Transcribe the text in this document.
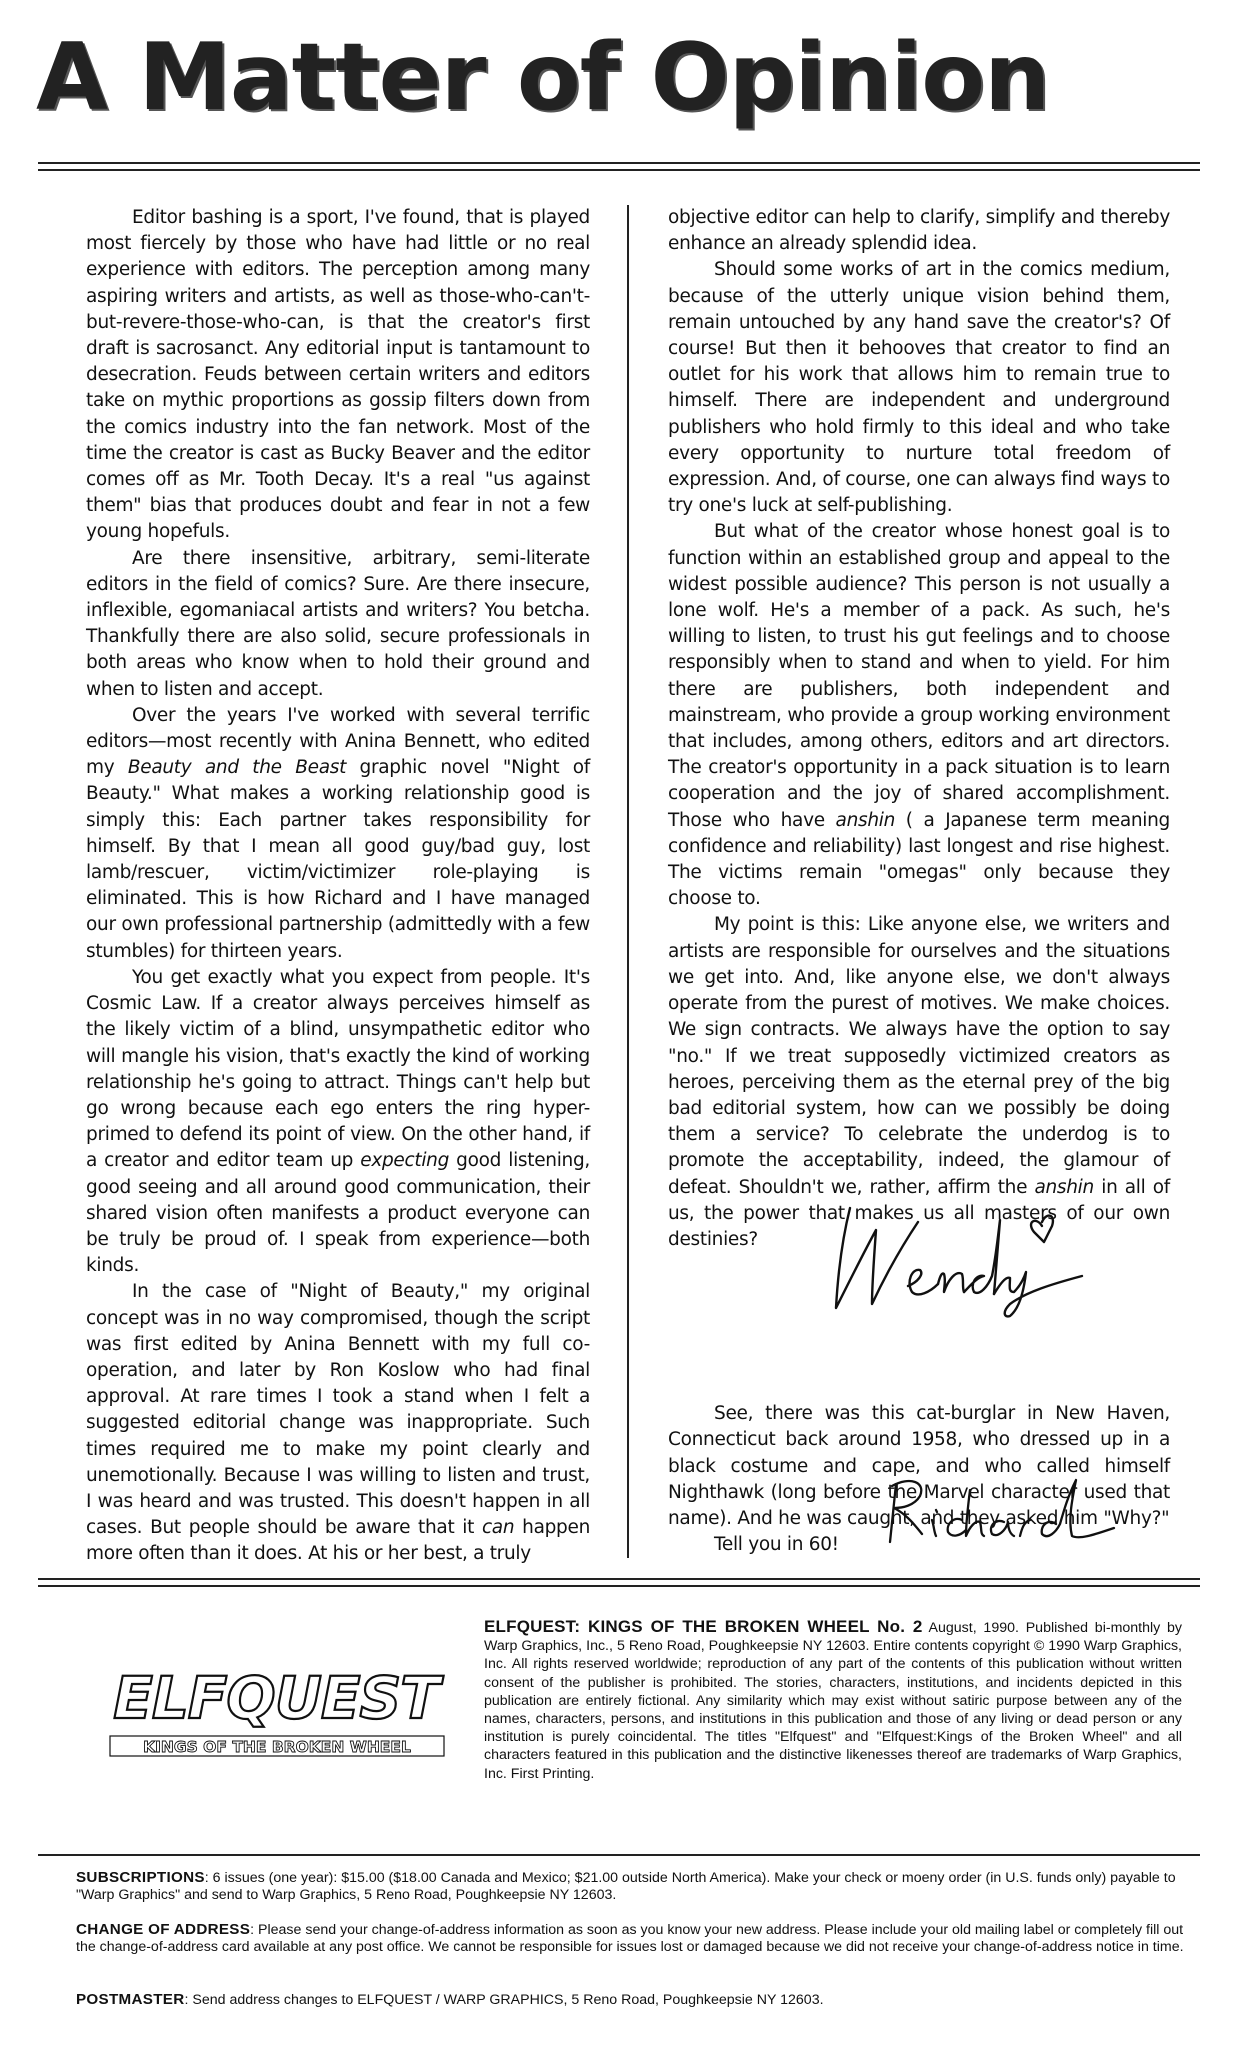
A Matter of Opinion

Editor bashing is a sport, I've found, that is played most fiercely by those who have had little or no real experience with editors. The perception among many aspiring writers and artists, as well as those-who-can't-but-revere-those-who-can, is that the creator's first draft is sacrosanct. Any editorial input is tantamount to desecration. Feuds between certain writers and editors take on mythic proportions as gossip filters down from the comics industry into the fan network. Most of the time the creator is cast as Bucky Beaver and the editor comes off as Mr. Tooth Decay. It's a real "us against them" bias that produces doubt and fear in not a few young hopefuls.

Are there insensitive, arbitrary, semi-literate editors in the field of comics? Sure. Are there insecure, inflexible, egomaniacal artists and writers? You betcha. Thankfully there are also solid, secure professionals in both areas who know when to hold their ground and when to listen and accept.

Over the years I've worked with several terrific editors—most recently with Anina Bennett, who edited my Beauty and the Beast graphic novel "Night of Beauty." What makes a working relationship good is simply this: Each partner takes responsibility for himself. By that I mean all good guy/bad guy, lost lamb/rescuer, victim/victimizer role-playing is eliminated. This is how Richard and I have managed our own professional partnership (admittedly with a few stumbles) for thirteen years.

You get exactly what you expect from people. It's Cosmic Law. If a creator always perceives himself as the likely victim of a blind, unsympathetic editor who will mangle his vision, that's exactly the kind of working relationship he's going to attract. Things can't help but go wrong because each ego enters the ring hyper-primed to defend its point of view. On the other hand, if a creator and editor team up expecting good listening, good seeing and all around good communication, their shared vision often manifests a product everyone can be truly be proud of. I speak from experience—both kinds.

In the case of "Night of Beauty," my original concept was in no way compromised, though the script was first edited by Anina Bennett with my full co-operation, and later by Ron Koslow who had final approval. At rare times I took a stand when I felt a suggested editorial change was inappropriate. Such times required me to make my point clearly and unemotionally. Because I was willing to listen and trust, I was heard and was trusted. This doesn't happen in all cases. But people should be aware that it can happen more often than it does. At his or her best, a truly

objective editor can help to clarify, simplify and thereby enhance an already splendid idea.

Should some works of art in the comics medium, because of the utterly unique vision behind them, remain untouched by any hand save the creator's? Of course! But then it behooves that creator to find an outlet for his work that allows him to remain true to himself. There are independent and underground publishers who hold firmly to this ideal and who take every opportunity to nurture total freedom of expression. And, of course, one can always find ways to try one's luck at self-publishing.

But what of the creator whose honest goal is to function within an established group and appeal to the widest possible audience? This person is not usually a lone wolf. He's a member of a pack. As such, he's willing to listen, to trust his gut feelings and to choose responsibly when to stand and when to yield. For him there are publishers, both independent and mainstream, who provide a group working environment that includes, among others, editors and art directors. The creator's opportunity in a pack situation is to learn cooperation and the joy of shared accomplishment. Those who have anshin ( a Japanese term meaning confidence and reliability) last longest and rise highest. The victims remain "omegas" only because they choose to.

My point is this: Like anyone else, we writers and artists are responsible for ourselves and the situations we get into. And, like anyone else, we don't always operate from the purest of motives. We make choices. We sign contracts. We always have the option to say "no." If we treat supposedly victimized creators as heroes, perceiving them as the eternal prey of the big bad editorial system, how can we possibly be doing them a service? To celebrate the underdog is to promote the acceptability, indeed, the glamour of defeat. Shouldn't we, rather, affirm the anshin in all of us, the power that makes us all masters of our own destinies?

See, there was this cat-burglar in New Haven, Connecticut back around 1958, who dressed up in a black costume and cape, and who called himself Nighthawk (long before the Marvel character used that name). And he was caught, and they asked him "Why?"

Tell you in 60!

ELFQUEST
KINGS OF THE BROKEN WHEEL
ELFQUEST: KINGS OF THE BROKEN WHEEL No. 2 August, 1990. Published bi-monthly by Warp Graphics, Inc., 5 Reno Road, Poughkeepsie NY 12603. Entire contents copyright © 1990 Warp Graphics, Inc. All rights reserved worldwide; reproduction of any part of the contents of this publication without written consent of the publisher is prohibited. The stories, characters, institutions, and incidents depicted in this publication are entirely fictional. Any similarity which may exist without satiric purpose between any of the names, characters, persons, and institutions in this publication and those of any living or dead person or any institution is purely coincidental. The titles "Elfquest" and "Elfquest:Kings of the Broken Wheel" and all characters featured in this publication and the distinctive likenesses thereof are trademarks of Warp Graphics, Inc. First Printing.
SUBSCRIPTIONS: 6 issues (one year): $15.00 ($18.00 Canada and Mexico; $21.00 outside North America). Make your check or moeny order (in U.S. funds only) payable to "Warp Graphics" and send to Warp Graphics, 5 Reno Road, Poughkeepsie NY 12603.
CHANGE OF ADDRESS: Please send your change-of-address information as soon as you know your new address. Please include your old mailing label or completely fill out the change-of-address card available at any post office. We cannot be responsible for issues lost or damaged because we did not receive your change-of-address notice in time.
POSTMASTER: Send address changes to ELFQUEST / WARP GRAPHICS, 5 Reno Road, Poughkeepsie NY 12603.
